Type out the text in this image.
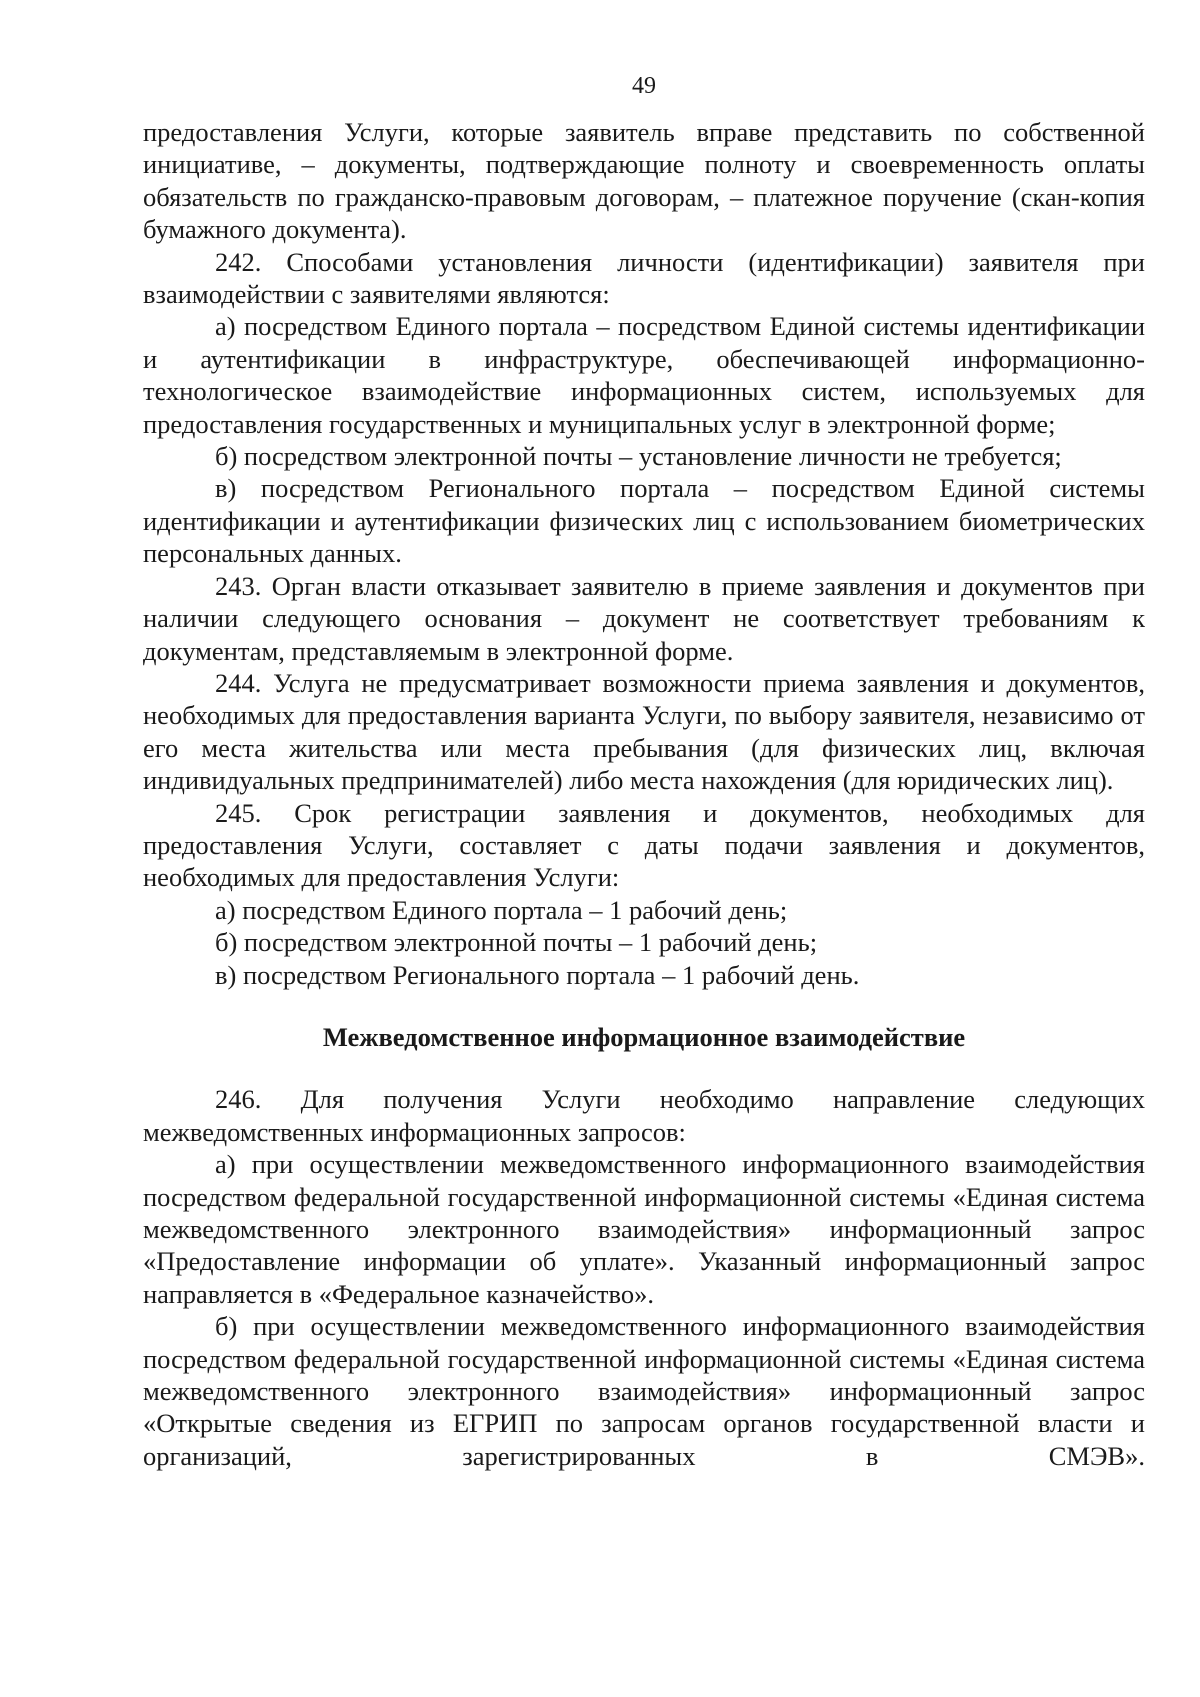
49

предоставления Услуги, которые заявитель вправе представить по собственной инициативе, – документы, подтверждающие полноту и своевременность оплаты обязательств по гражданско-правовым договорам, – платежное поручение (скан-копия бумажного документа).

242. Способами установления личности (идентификации) заявителя при взаимодействии с заявителями являются:

а) посредством Единого портала – посредством Единой системы идентификации и аутентификации в инфраструктуре, обеспечивающей информационно-технологическое взаимодействие информационных систем, используемых для предоставления государственных и муниципальных услуг в электронной форме;

б) посредством электронной почты – установление личности не требуется;

в) посредством Регионального портала – посредством Единой системы идентификации и аутентификации физических лиц с использованием биометрических персональных данных.

243. Орган власти отказывает заявителю в приеме заявления и документов при наличии следующего основания – документ не соответствует требованиям к документам, представляемым в электронной форме.

244. Услуга не предусматривает возможности приема заявления и документов, необходимых для предоставления варианта Услуги, по выбору заявителя, независимо от его места жительства или места пребывания (для физических лиц, включая индивидуальных предпринимателей) либо места нахождения (для юридических лиц).

245. Срок регистрации заявления и документов, необходимых для предоставления Услуги, составляет с даты подачи заявления и документов, необходимых для предоставления Услуги:

а) посредством Единого портала – 1 рабочий день;

б) посредством электронной почты – 1 рабочий день;

в) посредством Регионального портала – 1 рабочий день.

Межведомственное информационное взаимодействие

246. Для получения Услуги необходимо направление следующих межведомственных информационных запросов:

а) при осуществлении межведомственного информационного взаимодействия посредством федеральной государственной информационной системы «Единая система межведомственного электронного взаимодействия» информационный запрос «Предоставление информации об уплате». Указанный информационный запрос направляется в «Федеральное казначейство».

б) при осуществлении межведомственного информационного взаимодействия посредством федеральной государственной информационной системы «Единая система межведомственного электронного взаимодействия» информационный запрос «Открытые сведения из ЕГРИП по запросам органов государственной власти и организаций, зарегистрированных в СМЭВ».
